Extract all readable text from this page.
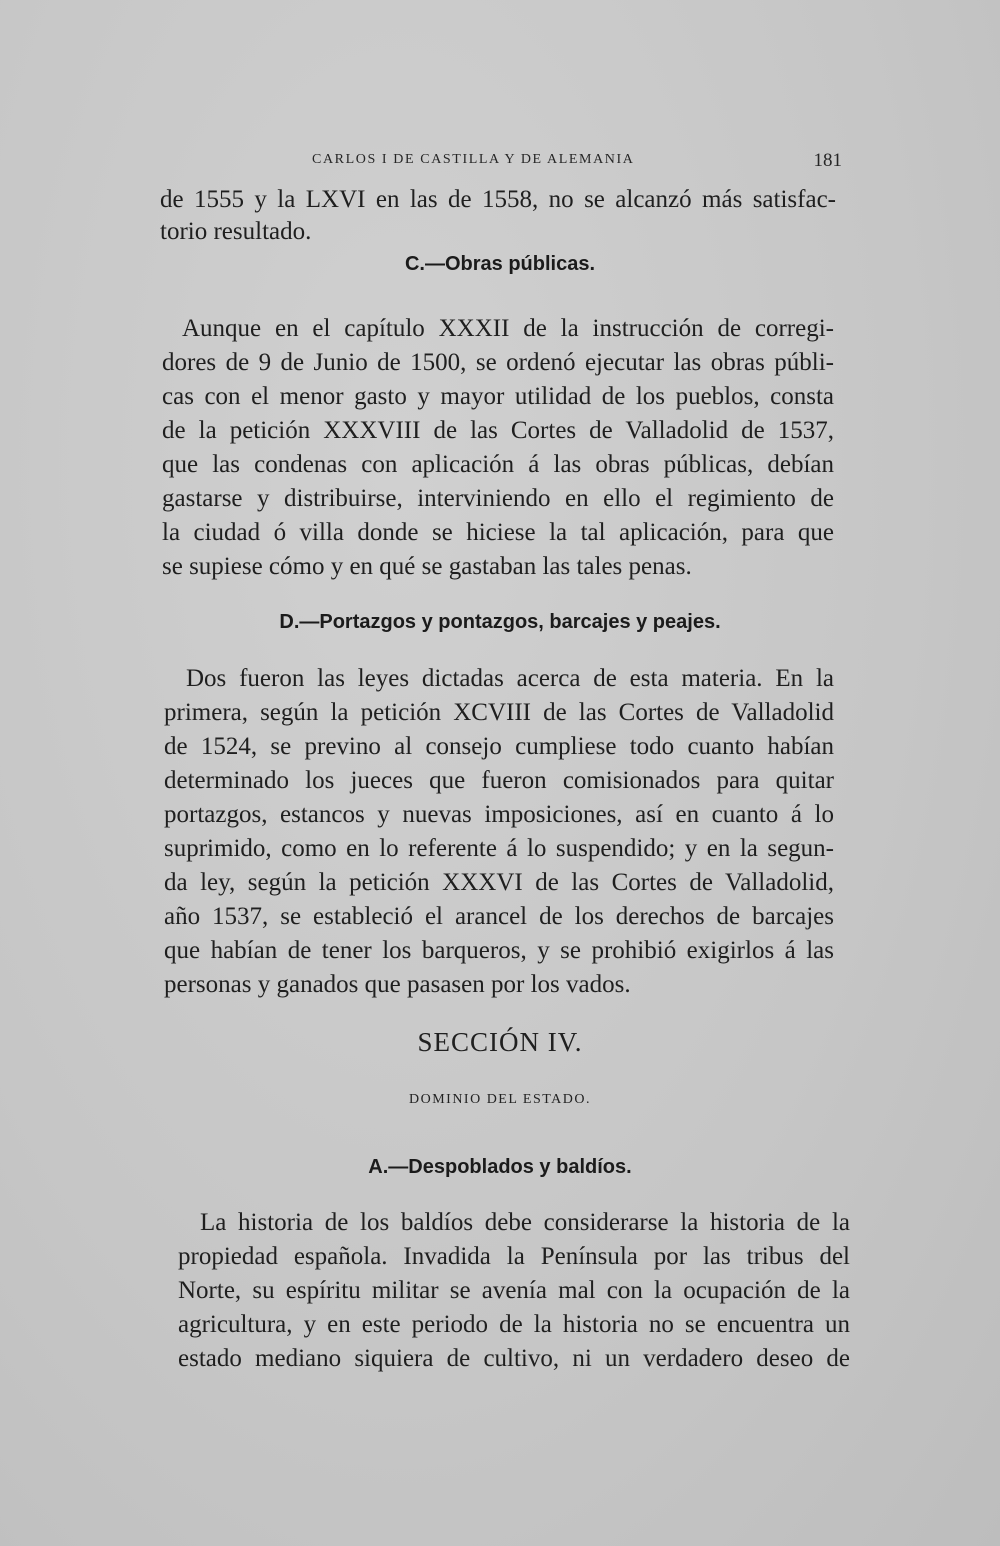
CARLOS I DE CASTILLA Y DE ALEMANIA	181
de 1555 y la LXVI en las de 1558, no se alcanzó más satisfac-
torio resultado.
C.—Obras públicas.
Aunque en el capítulo XXXII de la instrucción de corregi-
dores de 9 de Junio de 1500, se ordenó ejecutar las obras públi-
cas con el menor gasto y mayor utilidad de los pueblos, consta
de la petición XXXVIII de las Cortes de Valladolid de 1537,
que las condenas con aplicación á las obras públicas, debían
gastarse y distribuirse, interviniendo en ello el regimiento de
la ciudad ó villa donde se hiciese la tal aplicación, para que
se supiese cómo y en qué se gastaban las tales penas.
D.—Portazgos y pontazgos, barcajes y peajes.
Dos fueron las leyes dictadas acerca de esta materia. En la
primera, según la petición XCVIII de las Cortes de Valladolid
de 1524, se previno al consejo cumpliese todo cuanto habían
determinado los jueces que fueron comisionados para quitar
portazgos, estancos y nuevas imposiciones, así en cuanto á lo
suprimido, como en lo referente á lo suspendido; y en la segun-
da ley, según la petición XXXVI de las Cortes de Valladolid,
año 1537, se estableció el arancel de los derechos de barcajes
que habían de tener los barqueros, y se prohibió exigirlos á las
personas y ganados que pasasen por los vados.
SECCIÓN IV.
DOMINIO DEL ESTADO.
A.—Despoblados y baldíos.
La historia de los baldíos debe considerarse la historia de la
propiedad española. Invadida la Península por las tribus del
Norte, su espíritu militar se avenía mal con la ocupación de la
agricultura, y en este periodo de la historia no se encuentra un
estado mediano siquiera de cultivo, ni un verdadero deseo de
